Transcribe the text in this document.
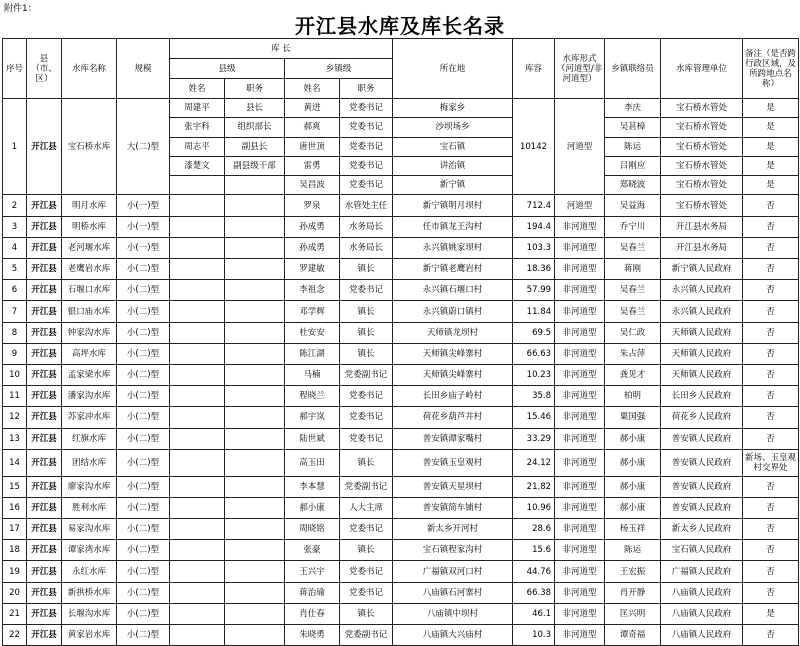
附件1：
开江县水库及库长名录
序号	县（市、区）	水库名称	规模	库 长				所在地	库容	水库形式（河道型/非河道型）	乡镇联络员	水库管理单位	备注（是否跨行政区域，及所跨地点名称）
				县级		乡镇级							
				姓名	职务	姓名	职务						
1	开江县	宝石桥水库	大(二)型	周建平	县长	黄进	党委书记	梅家乡	10142	河道型	李庆	宝石桥水管处	是
				张宇科	组织部长	郝爽	党委书记	沙坝场乡			吴甚樟	宝石桥水管处	是
				周志平	副县长	唐世顶	党委书记	宝石镇			陈运	宝石桥水管处	是
				漆楚文	副县级干部	雷勇	党委书记	讲治镇			吕刚应	宝石桥水管处	是
						吴昌波	党委书记	新宁镇			郑晓波	宝石桥水管处	是
2	开江县	明月水库	小(一)型			罗泉	水管处主任	新宁镇明月坝村	712.4	河道型	吴益海	宝石桥水管处	否
3	开江县	明桥水库	小(一)型			孙成勇	水务局长	任市镇龙王沟村	194.4	非河道型	乔宁川	开江县水务局	否
4	开江县	老河堰水库	小(一)型			孙成勇	水务局长	永兴镇姚家坝村	103.3	非河道型	吴春兰	开江县水务局	否
5	开江县	老鹰岩水库	小(二)型			罗建敏	镇长	新宁镇老鹰岩村	18.36	非河道型	蒋刚	新宁镇人民政府	否
6	开江县	石堰口水库	小(二)型			李祖念	党委书记	永兴镇石堰口村	57.99	非河道型	吴春兰	永兴镇人民政府	否
7	开江县	银口庙水库	小(二)型			邓学辉	镇长	永兴镇蔚口镇村	11.84	非河道型	吴春兰	永兴镇人民政府	否
8	开江县	钟家沟水库	小(二)型			杜安安	镇长	天师镇龙坝村	69.5	非河道型	吴仁政	天师镇人民政府	否
9	开江县	高坪水库	小(二)型			陈江湖	镇长	天师镇尖峰寨村	66.63	非河道型	朱占萍	天师镇人民政府	否
10	开江县	孟家梁水库	小(二)型			马楠	党委副书记	天师镇尖峰寨村	10.23	非河道型	龚见才	天师镇人民政府	否
11	开江县	潘家沟水库	小(二)型			程晓兰	党委书记	长田乡庙子岭村	35.8	非河道型	柏明	长田乡人民政府	否
12	开江县	苏家冲水库	小(二)型			郝宇岚	党委书记	荷花乡葫芦井村	15.46	非河道型	粟国强	荷花乡人民政府	否
13	开江县	红旗水库	小(二)型			陆世斌	党委书记	普安镇谭家嘴村	33.29	非河道型	郝小康	普安镇人民政府	否
14	开江县	团结水库	小(二)型			高玉田	镇长	普安镇玉皇观村	24.12	非河道型	郝小康	普安镇人民政府	新场、玉皇观村交界处
15	开江县	廖家沟水库	小(二)型			李本慧	党委副书记	普安镇天星坝村	21.82	非河道型	郝小康	普安镇人民政府	否
16	开江县	胜利水库	小(二)型			郝小康	人大主席	普安镇简车铺村	10.96	非河道型	郝小康	普安镇人民政府	否
17	开江县	易家沟水库	小(二)型			周晓铭	党委书记	新太乡开河村	28.6	非河道型	杨玉祥	新太乡人民政府	否
18	开江县	谭家湾水库	小(二)型			张豪	镇长	宝石镇程家沟村	15.6	非河道型	陈运	宝石镇人民政府	否
19	开江县	永红水库	小(二)型			王兴宇	党委书记	广福镇双河口村	44.76	非河道型	王宏振	广福镇人民政府	否
20	开江县	新拱桥水库	小(二)型			蒋治瑜	党委书记	八庙镇石河寨村	66.38	非河道型	肖开静	八庙镇人民政府	否
21	开江县	长堰沟水库	小(二)型			肖仕春	镇长	八庙镇中坝村	46.1	非河道型	匡兴明	八庙镇人民政府	是
22	开江县	黄家岩水库	小(二)型			朱晓勇	党委副书记	八庙镇大兴庙村	10.3	非河道型	谭奇福	八庙镇人民政府	否
